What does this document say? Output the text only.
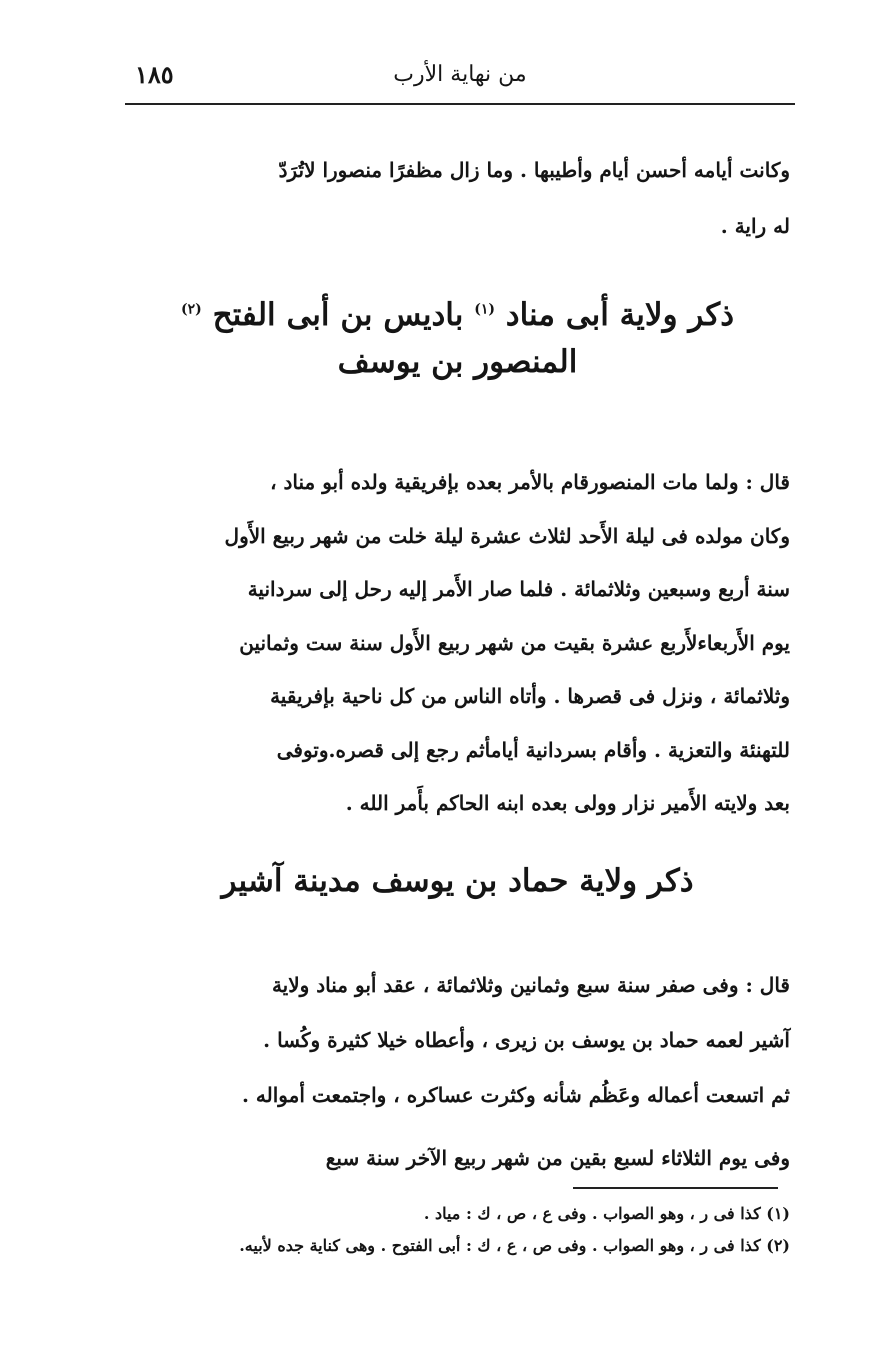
١٨٥	من نهاية الأرب
وكانت أيامه أحسن أيام وأطيبها . وما زال مظفرًا منصورا لاتُرَدّ
له راية .
ذكر ولاية أبى مناد $^{(١)}$ باديس بن أبى الفتح $^{(٢)}$
المنصور بن يوسف
قال : ولما مات المنصورقام بالأمر بعده بإفريقية ولده أبو مناد ،
وكان مولده فى ليلة الأَحد لثلاث عشرة ليلة خلت من شهر ربيع الأَول
سنة أربع وسبعين وثلاثمائة . فلما صار الأَمر إليه رحل إلى سردانية
يوم الأَربعاءلأَربع عشرة بقيت من شهر ربيع الأَول سنة ست وثمانين
وثلاثمائة ، ونزل فى قصرها . وأتاه الناس من كل ناحية بإفريقية
للتهنئة والتعزية . وأقام بسردانية أيامأثم رجع إلى قصره.وتوفى
بعد ولايته الأَمير نزار وولى بعده ابنه الحاكم بأَمر الله .
ذكر ولاية حماد بن يوسف مدينة آشير
قال : وفى صفر سنة سبع وثمانين وثلاثمائة ، عقد أبو مناد ولاية
آشير لعمه حماد بن يوسف بن زيرى ، وأعطاه خيلا كثيرة وكُسا .
ثم اتسعت أعماله وعَظُم شأنه وكثرت عساكره ، واجتمعت أمواله .
وفى يوم الثلاثاء لسبع بقين من شهر ربيع الآخر سنة سبع
(١) كذا فى ر ، وهو الصواب . وفى ع ، ص ، ك : مياد .
(٢) كذا فى ر ، وهو الصواب . وفى ص ، ع ، ك : أبى الفتوح . وهى كناية جده لأبيه.
